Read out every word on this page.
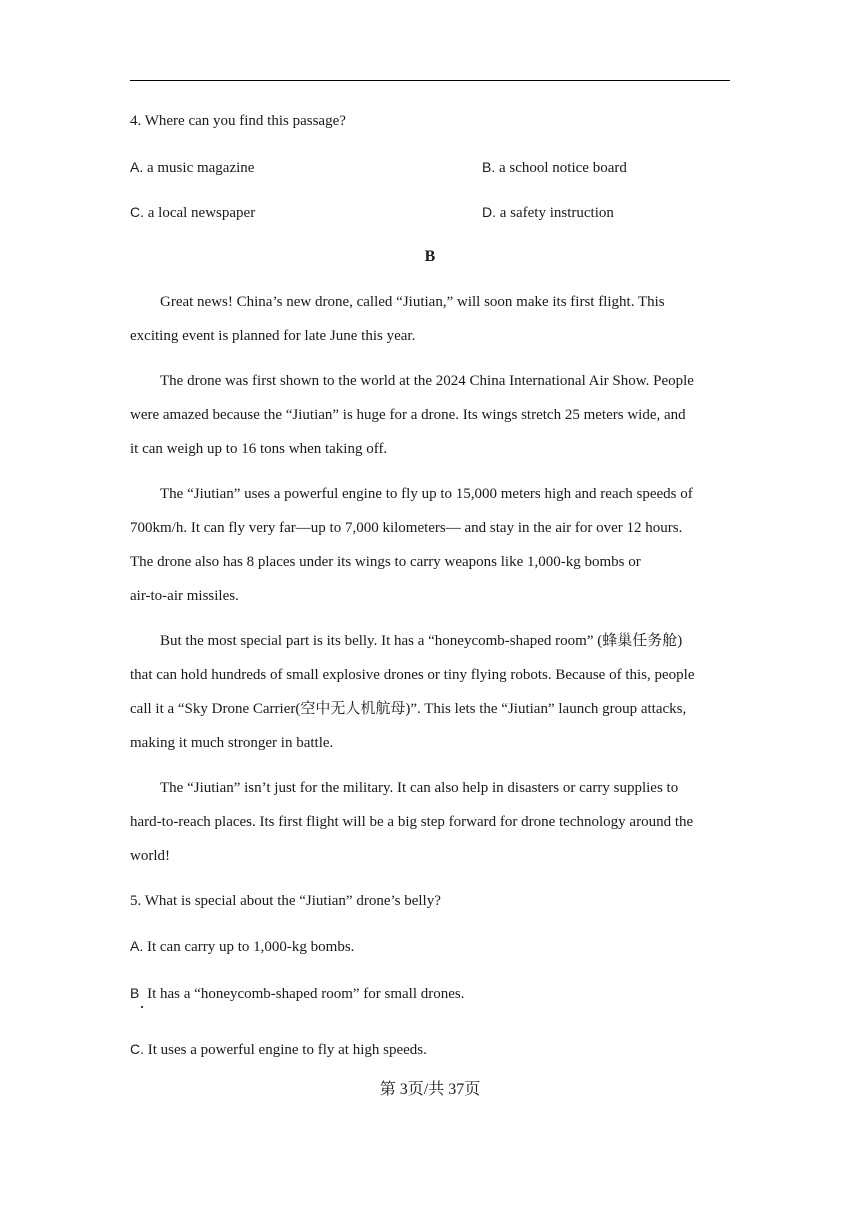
4. Where can you find this passage?
A. a music magazine	B. a school notice board
C. a local newspaper	D. a safety instruction
B
Great news! China’s new drone, called “Jiutian,” will soon make its first flight. This
exciting event is planned for late June this year.
The drone was first shown to the world at the 2024 China International Air Show. People
were amazed because the “Jiutian” is huge for a drone. Its wings stretch 25 meters wide, and
it can weigh up to 16 tons when taking off.
The “Jiutian” uses a powerful engine to fly up to 15,000 meters high and reach speeds of
700km/h. It can fly very far—up to 7,000 kilometers— and stay in the air for over 12 hours.
The drone also has 8 places under its wings to carry weapons like 1,000-kg bombs or
air-to-air missiles.
But the most special part is its belly. It has a “honeycomb-shaped room” (蜂巢任务舱)
that can hold hundreds of small explosive drones or tiny flying robots. Because of this, people
call it a “Sky Drone Carrier(空中无人机航母)”. This lets the “Jiutian” launch group attacks,
making it much stronger in battle.
The “Jiutian” isn’t just for the military. It can also help in disasters or carry supplies to
hard-to-reach places. Its first flight will be a big step forward for drone technology around the
world!
5. What is special about the “Jiutian” drone’s belly?
A. It can carry up to 1,000-kg bombs.
B It has a “honeycomb-shaped room” for small drones.
C. It uses a powerful engine to fly at high speeds.
第 3页/共 37页
